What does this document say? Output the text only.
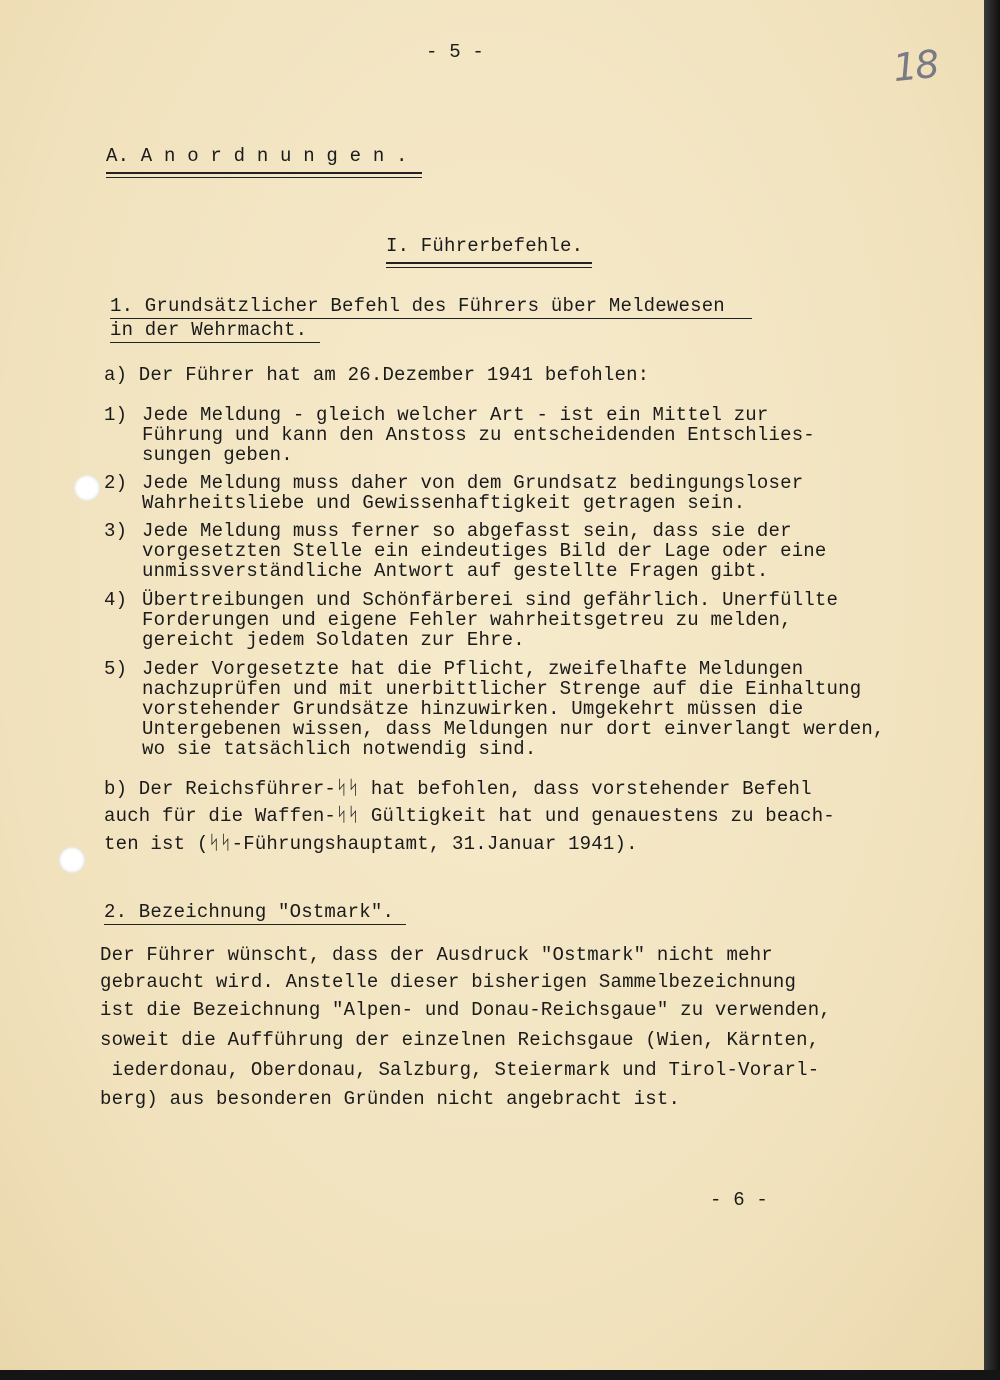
- 5 -	18
A. A n o r d n u n g e n .
I. Führerbefehle.
1. Grundsätzlicher Befehl des Führers über Meldewesen
in der Wehrmacht.
a) Der Führer hat am 26.Dezember 1941 befohlen:
1) Jede Meldung - gleich welcher Art - ist ein Mittel zur
Führung und kann den Anstoss zu entscheidenden Entschlies-
sungen geben.
2) Jede Meldung muss daher von dem Grundsatz bedingungsloser
Wahrheitsliebe und Gewissenhaftigkeit getragen sein.
3) Jede Meldung muss ferner so abgefasst sein, dass sie der
vorgesetzten Stelle ein eindeutiges Bild der Lage oder eine
unmissverständliche Antwort auf gestellte Fragen gibt.
4) Übertreibungen und Schönfärberei sind gefährlich. Unerfüllte
Forderungen und eigene Fehler wahrheitsgetreu zu melden,
gereicht jedem Soldaten zur Ehre.
5) Jeder Vorgesetzte hat die Pflicht, zweifelhafte Meldungen
nachzuprüfen und mit unerbittlicher Strenge auf die Einhaltung
vorstehender Grundsätze hinzuwirken. Umgekehrt müssen die
Untergebenen wissen, dass Meldungen nur dort einverlangt werden,
wo sie tatsächlich notwendig sind.
b) Der Reichsführer-ᛋᛋ hat befohlen, dass vorstehender Befehl
auch für die Waffen-ᛋᛋ Gültigkeit hat und genauestens zu beach-
ten ist (ᛋᛋ-Führungshauptamt, 31.Januar 1941).
2. Bezeichnung "Ostmark".
Der Führer wünscht, dass der Ausdruck "Ostmark" nicht mehr
gebraucht wird. Anstelle dieser bisherigen Sammelbezeichnung
ist die Bezeichnung "Alpen- und Donau-Reichsgaue" zu verwenden,
soweit die Aufführung der einzelnen Reichsgaue (Wien, Kärnten,
iederdonau, Oberdonau, Salzburg, Steiermark und Tirol-Vorarl-
berg) aus besonderen Gründen nicht angebracht ist.
- 6 -
